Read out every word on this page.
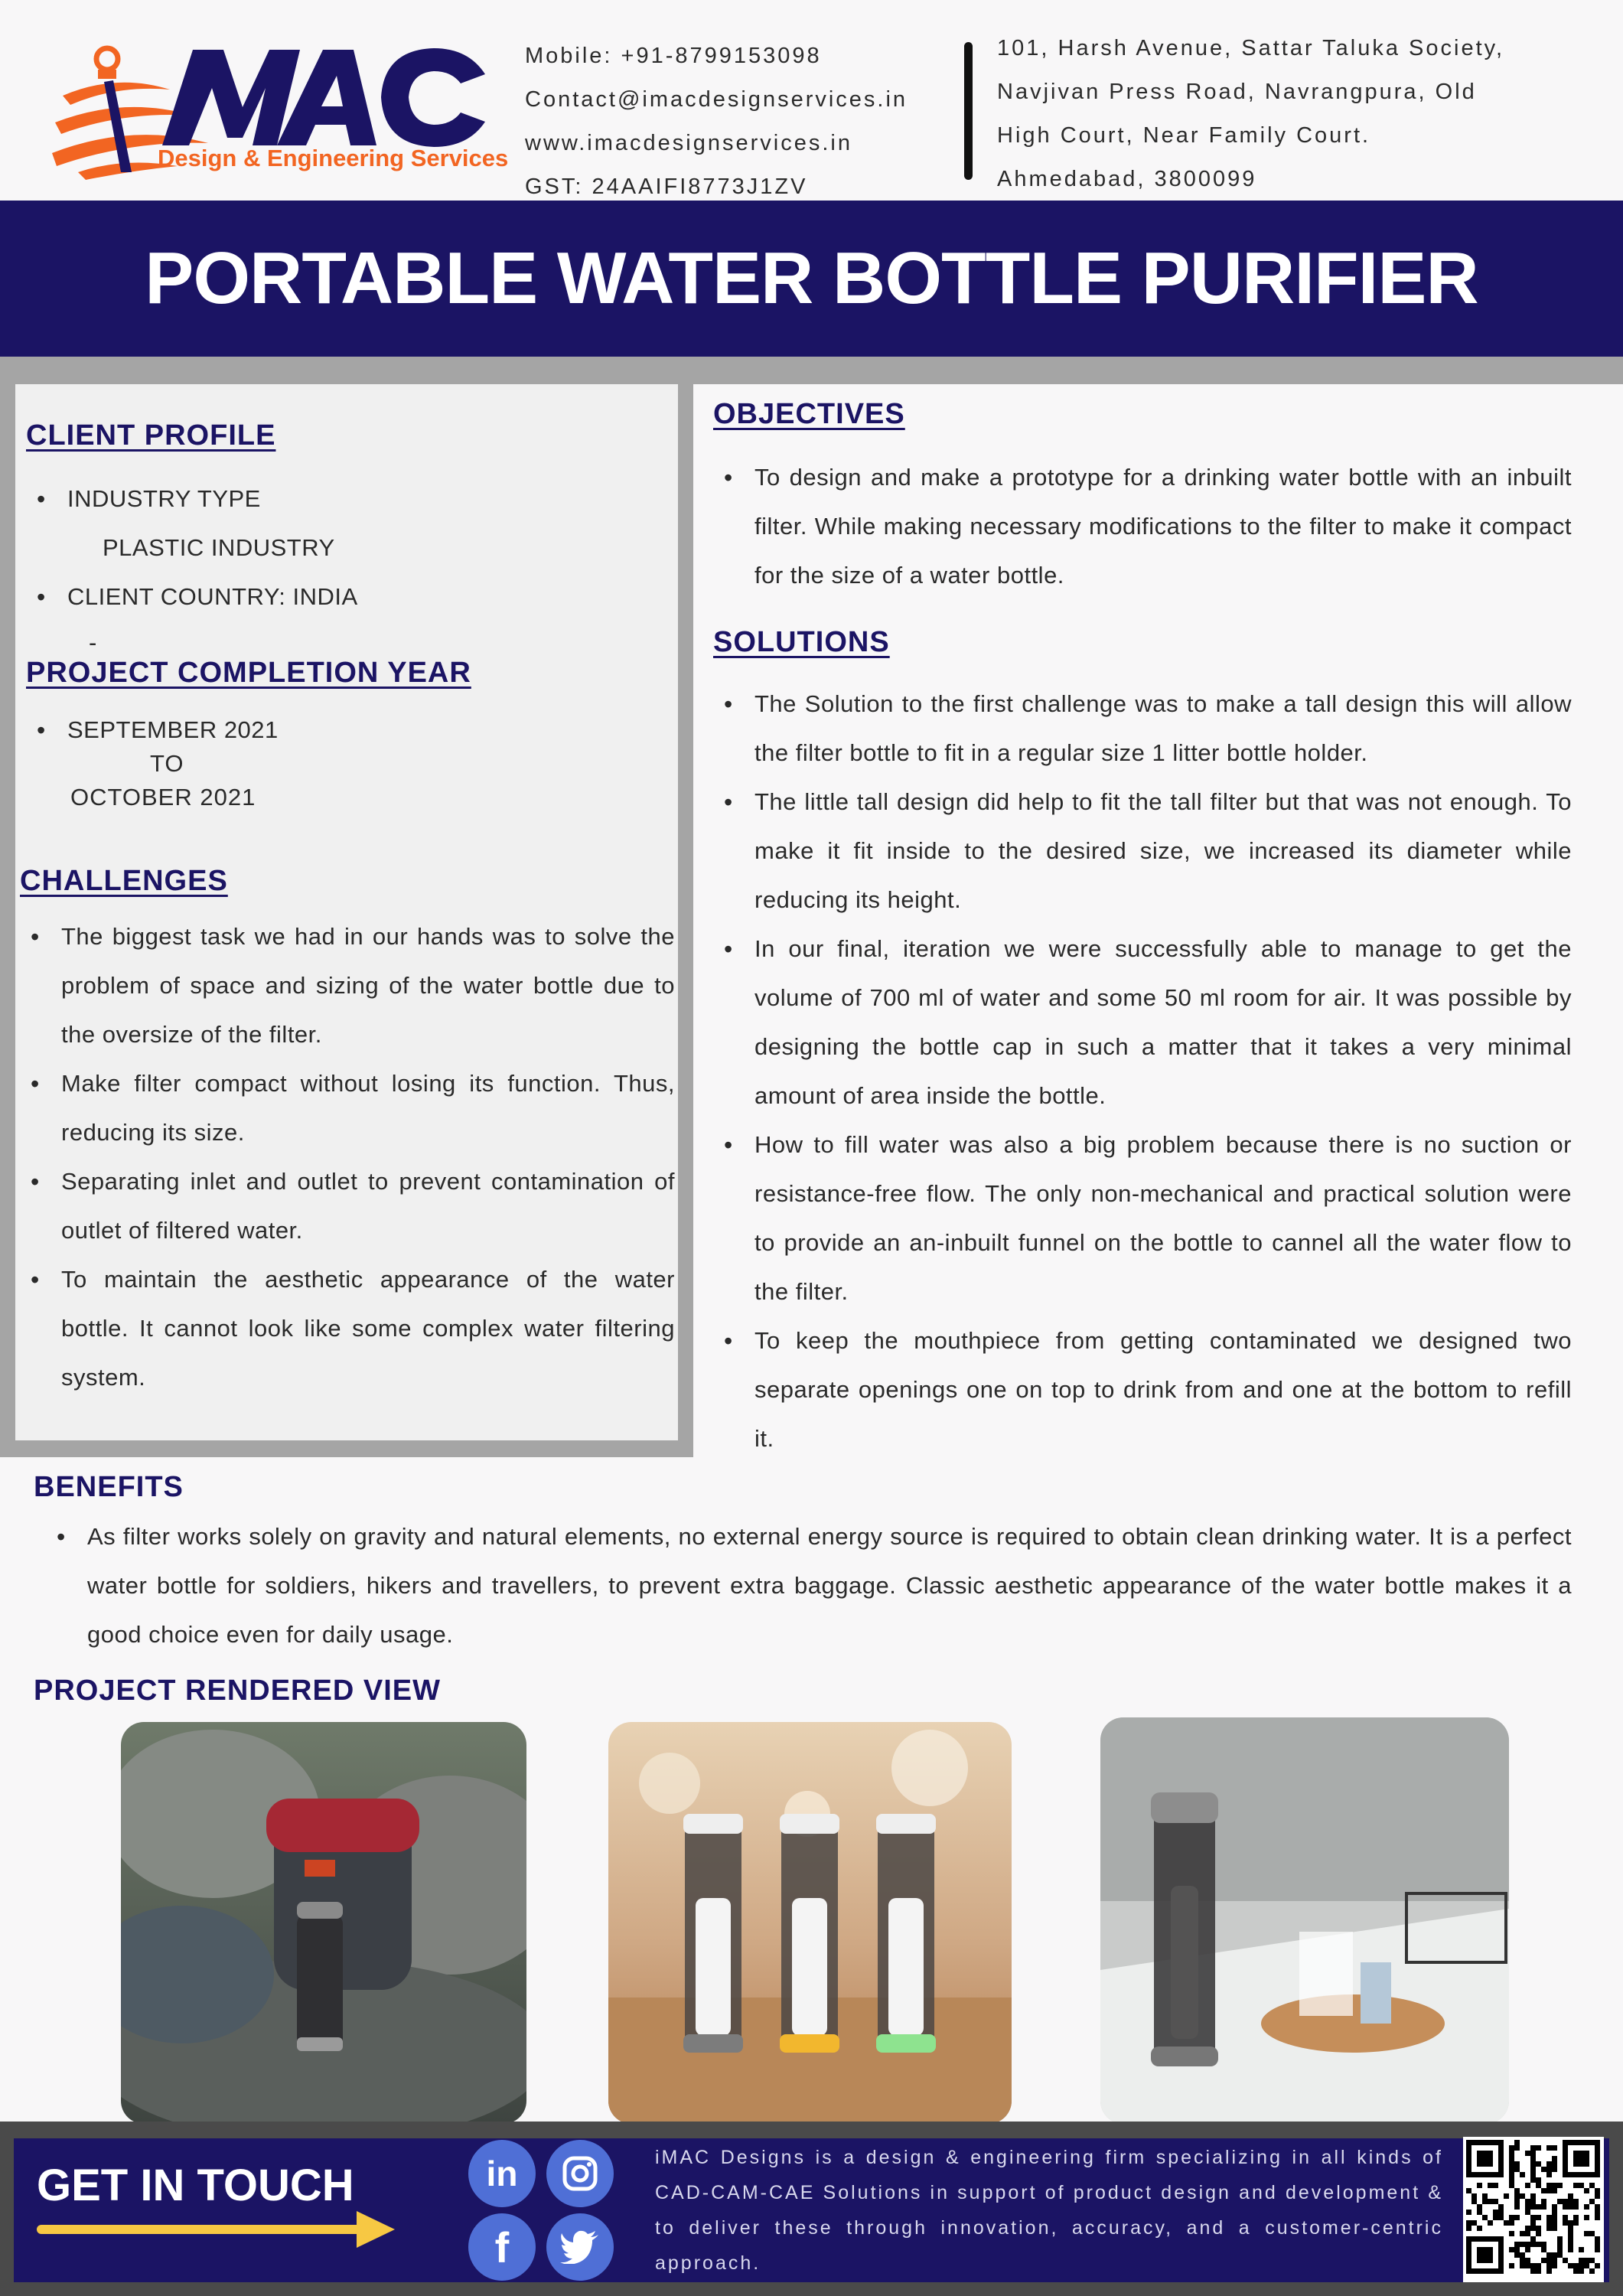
Design & Engineering Services
Mobile: +91-8799153098
Contact@imacdesignservices.in
www.imacdesignservices.in
GST: 24AAIFI8773J1ZV
101, Harsh Avenue, Sattar Taluka Society,
Navjivan Press Road, Navrangpura, Old
High Court, Near Family Court.
Ahmedabad, 3800099
PORTABLE WATER BOTTLE PURIFIER
CLIENT PROFILE
• INDUSTRY TYPE
PLASTIC INDUSTRY
• CLIENT COUNTRY: INDIA
-
PROJECT COMPLETION YEAR
• SEPTEMBER 2021
TO
OCTOBER 2021
CHALLENGES
• The biggest task we had in our hands was to solve the problem of space and sizing of the water bottle due to the oversize of the filter.
• Make filter compact without losing its function. Thus, reducing its size.
• Separating inlet and outlet to prevent contamination of outlet of filtered water.
• To maintain the aesthetic appearance of the water bottle. It cannot look like some complex water filtering system.
OBJECTIVES
• To design and make a prototype for a drinking water bottle with an inbuilt filter. While making necessary modifications to the filter to make it compact for the size of a water bottle.
SOLUTIONS
• The Solution to the first challenge was to make a tall design this will allow the filter bottle to fit in a regular size 1 litter bottle holder.
• The little tall design did help to fit the tall filter but that was not enough. To make it fit inside to the desired size, we increased its diameter while reducing its height.
• In our final, iteration we were successfully able to manage to get the volume of 700 ml of water and some 50 ml room for air. It was possible by designing the bottle cap in such a matter that it takes a very minimal amount of area inside the bottle.
• How to fill water was also a big problem because there is no suction or resistance-free flow. The only non-mechanical and practical solution were to provide an an-inbuilt funnel on the bottle to cannel all the water flow to the filter.
• To keep the mouthpiece from getting contaminated we designed two separate openings one on top to drink from and one at the bottom to refill it.
BENEFITS
• As filter works solely on gravity and natural elements, no external energy source is required to obtain clean drinking water. It is a perfect water bottle for soldiers, hikers and travellers, to prevent extra baggage. Classic aesthetic appearance of the water bottle makes it a good choice even for daily usage.
PROJECT RENDERED VIEW
GET IN TOUCH	in
f
iMAC Designs is a design & engineering firm specializing in all kinds of CAD-CAM-CAE Solutions in support of product design and development & to deliver these through innovation, accuracy, and a customer-centric approach.
